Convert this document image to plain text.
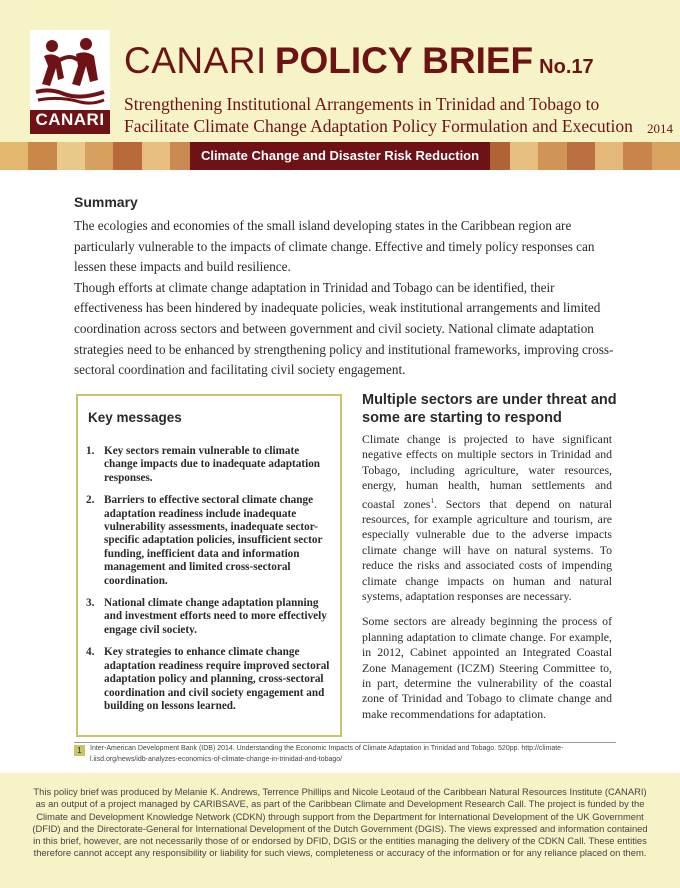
CANARI
CANARI POLICY BRIEF No.17
Strengthening Institutional Arrangements in Trinidad and Tobago to
Facilitate Climate Change Adaptation Policy Formulation and Execution	2014
Climate Change and Disaster Risk Reduction
Summary

The ecologies and economies of the small island developing states in the Caribbean region are particularly vulnerable to the impacts of climate change. Effective and timely policy responses can lessen these impacts and build resilience.

Though efforts at climate change adaptation in Trinidad and Tobago can be identified, their effectiveness has been hindered by inadequate policies, weak institutional arrangements and limited coordination across sectors and between government and civil society. National climate adaptation strategies need to be enhanced by strengthening policy and institutional frameworks, improving cross-sectoral coordination and facilitating civil society engagement.

Key messages
1. Key sectors remain vulnerable to climate change impacts due to inadequate adaptation responses.
2. Barriers to effective sectoral climate change adaptation readiness include inadequate vulnerability assessments, inadequate sector-specific adaptation policies, insufficient sector funding, inefficient data and information management and limited cross-sectoral coordination.
3. National climate change adaptation planning and investment efforts need to more effectively engage civil society.
4. Key strategies to enhance climate change adaptation readiness require improved sectoral adaptation policy and planning, cross-sectoral coordination and civil society engagement and building on lessons learned.
Multiple sectors are under threat and some are starting to respond

Climate change is projected to have significant negative effects on multiple sectors in Trinidad and Tobago, including agriculture, water resources, energy, human health, human settlements and coastal zones$^1$. Sectors that depend on natural resources, for example agriculture and tourism, are especially vulnerable due to the adverse impacts climate change will have on natural systems. To reduce the risks and associated costs of impending climate change impacts on human and natural systems, adaptation responses are necessary.

Some sectors are already beginning the process of planning adaptation to climate change. For example, in 2012, Cabinet appointed an Integrated Coastal Zone Management (ICZM) Steering Committee to, in part, determine the vulnerability of the coastal zone of Trinidad and Tobago to climate change and make recommendations for adaptation.

1	Inter-American Development Bank (IDB) 2014. Understanding the Economic Impacts of Climate Adaptation in Trinidad and Tobago. 520pp. http://climate-l.iisd.org/news/idb-analyzes-economics-of-climate-change-in-trinidad-and-tobago/
This policy brief was produced by Melanie K. Andrews, Terrence Phillips and Nicole Leotaud of the Caribbean Natural Resources Institute (CANARI) as an output of a project managed by CARIBSAVE, as part of the Caribbean Climate and Development Research Call. The project is funded by the Climate and Development Knowledge Network (CDKN) through support from the Department for International Development of the UK Government (DFID) and the Directorate-General for International Development of the Dutch Government (DGIS). The views expressed and information contained in this brief, however, are not necessarily those of or endorsed by DFID, DGIS or the entities managing the delivery of the CDKN Call. These entities therefore cannot accept any responsibility or liability for such views, completeness or accuracy of the information or for any reliance placed on them.
